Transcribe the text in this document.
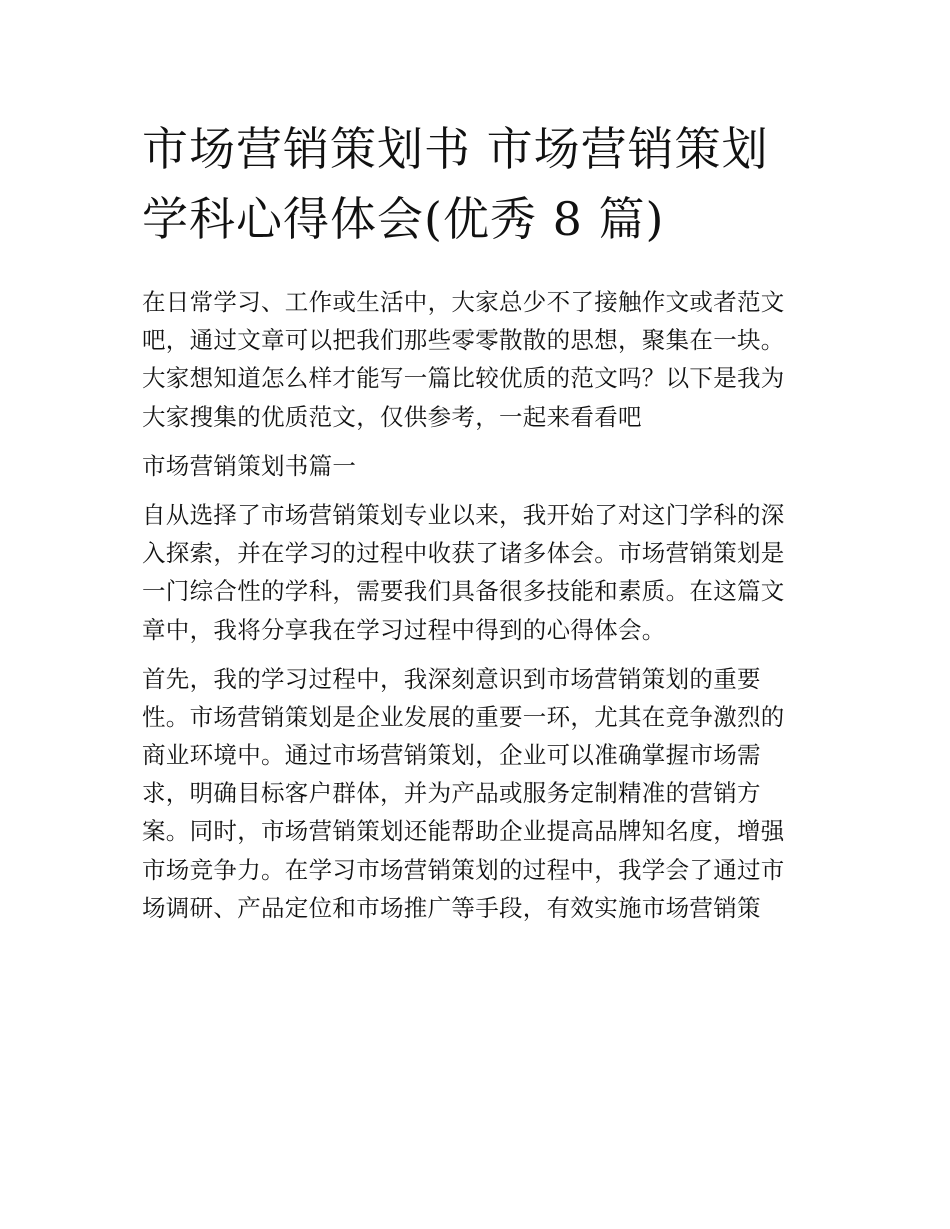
市场营销策划书 市场营销策划
学科心得体会(优秀 8 篇)
在日常学习、工作或生活中，大家总少不了接触作文或者范文
吧，通过文章可以把我们那些零零散散的思想，聚集在一块。
大家想知道怎么样才能写一篇比较优质的范文吗？以下是我为
大家搜集的优质范文，仅供参考，一起来看看吧
市场营销策划书篇一
自从选择了市场营销策划专业以来，我开始了对这门学科的深
入探索，并在学习的过程中收获了诸多体会。市场营销策划是
一门综合性的学科，需要我们具备很多技能和素质。在这篇文
章中，我将分享我在学习过程中得到的心得体会。
首先，我的学习过程中，我深刻意识到市场营销策划的重要
性。市场营销策划是企业发展的重要一环，尤其在竞争激烈的
商业环境中。通过市场营销策划，企业可以准确掌握市场需
求，明确目标客户群体，并为产品或服务定制精准的营销方
案。同时，市场营销策划还能帮助企业提高品牌知名度，增强
市场竞争力。在学习市场营销策划的过程中，我学会了通过市
场调研、产品定位和市场推广等手段，有效实施市场营销策
